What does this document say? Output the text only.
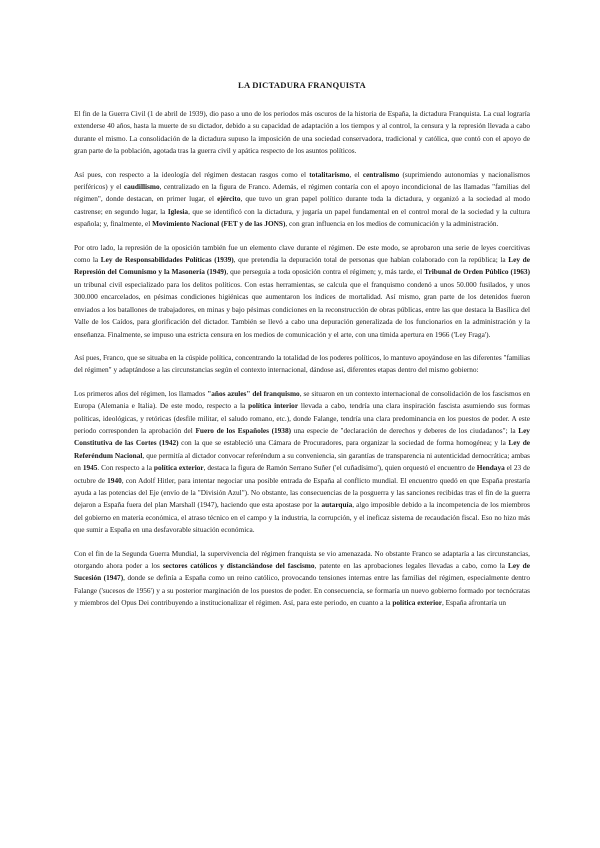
LA DICTADURA FRANQUISTA

El fin de la Guerra Civil (1 de abril de 1939), dio paso a uno de los periodos más oscuros de la historia de España, la dictadura Franquista. La cual lograría extenderse 40 años, hasta la muerte de su dictador, debido a su capacidad de adaptación a los tiempos y al control, la censura y la represión llevada a cabo durante el mismo. La consolidación de la dictadura supuso la imposición de una sociedad conservadora, tradicional y católica, que contó con el apoyo de gran parte de la población, agotada tras la guerra civil y apática respecto de los asuntos políticos.

Así pues, con respecto a la ideología del régimen destacan rasgos como el totalitarismo, el centralismo (suprimiendo autonomías y nacionalismos periféricos) y el caudillismo, centralizado en la figura de Franco. Además, el régimen contaría con el apoyo incondicional de las llamadas "familias del régimen", donde destacan, en primer lugar, el ejército, que tuvo un gran papel político durante toda la dictadura, y organizó a la sociedad al modo castrense; en segundo lugar, la Iglesia, que se identificó con la dictadura, y jugaría un papel fundamental en el control moral de la sociedad y la cultura española; y, finalmente, el Movimiento Nacional (FET y de las JONS), con gran influencia en los medios de comunicación y la administración.

Por otro lado, la represión de la oposición también fue un elemento clave durante el régimen. De este modo, se aprobaron una serie de leyes coercitivas como la Ley de Responsabilidades Políticas (1939), que pretendía la depuración total de personas que habían colaborado con la república; la Ley de Represión del Comunismo y la Masonería (1949), que perseguía a toda oposición contra el régimen; y, más tarde, el Tribunal de Orden Público (1963) un tribunal civil especializado para los delitos políticos. Con estas herramientas, se calcula que el franquismo condenó a unos 50.000 fusilados, y unos 300.000 encarcelados, en pésimas condiciones higiénicas que aumentaron los índices de mortalidad. Así mismo, gran parte de los detenidos fueron enviados a los batallones de trabajadores, en minas y bajo pésimas condiciones en la reconstrucción de obras públicas, entre las que destaca la Basílica del Valle de los Caídos, para glorificación del dictador. También se llevó a cabo una depuración generalizada de los funcionarios en la administración y la enseñanza. Finalmente, se impuso una estricta censura en los medios de comunicación y el arte, con una tímida apertura en 1966 ('Ley Fraga').

Así pues, Franco, que se situaba en la cúspide política, concentrando la totalidad de los poderes políticos, lo mantuvo apoyándose en las diferentes "familias del régimen" y adaptándose a las circunstancias según el contexto internacional, dándose así, diferentes etapas dentro del mismo gobierno:

Los primeros años del régimen, los llamados "años azules" del franquismo, se situaron en un contexto internacional de consolidación de los fascismos en Europa (Alemania e Italia). De este modo, respecto a la política interior llevada a cabo, tendría una clara inspiración fascista asumiendo sus formas políticas, ideológicas, y retóricas (desfile militar, el saludo romano, etc.), donde Falange, tendría una clara predominancia en los puestos de poder. A este periodo corresponden la aprobación del Fuero de los Españoles (1938) una especie de "declaración de derechos y deberes de los ciudadanos"; la Ley Constitutiva de las Cortes (1942) con la que se estableció una Cámara de Procuradores, para organizar la sociedad de forma homogénea; y la Ley de Referéndum Nacional, que permitía al dictador convocar referéndum a su conveniencia, sin garantías de transparencia ni autenticidad democrática; ambas en 1945. Con respecto a la política exterior, destaca la figura de Ramón Serrano Suñer ('el cuñadísimo'), quien orquestó el encuentro de Hendaya el 23 de octubre de 1940, con Adolf Hitler, para intentar negociar una posible entrada de España al conflicto mundial. El encuentro quedó en que España prestaría ayuda a las potencias del Eje (envío de la "División Azul"). No obstante, las consecuencias de la posguerra y las sanciones recibidas tras el fin de la guerra dejaron a España fuera del plan Marshall (1947), haciendo que esta apostase por la autarquía, algo imposible debido a la incompetencia de los miembros del gobierno en materia económica, el atraso técnico en el campo y la industria, la corrupción, y el ineficaz sistema de recaudación fiscal. Eso no hizo más que sumir a España en una desfavorable situación económica.

Con el fin de la Segunda Guerra Mundial, la supervivencia del régimen franquista se vio amenazada. No obstante Franco se adaptaría a las circunstancias, otorgando ahora poder a los sectores católicos y distanciándose del fascismo, patente en las aprobaciones legales llevadas a cabo, como la Ley de Sucesión (1947), donde se definía a España como un reino católico, provocando tensiones internas entre las familias del régimen, especialmente dentro Falange ('sucesos de 1956') y a su posterior marginación de los puestos de poder. En consecuencia, se formaría un nuevo gobierno formado por tecnócratas y miembros del Opus Dei contribuyendo a institucionalizar el régimen. Así, para este periodo, en cuanto a la política exterior, España afrontaría un
